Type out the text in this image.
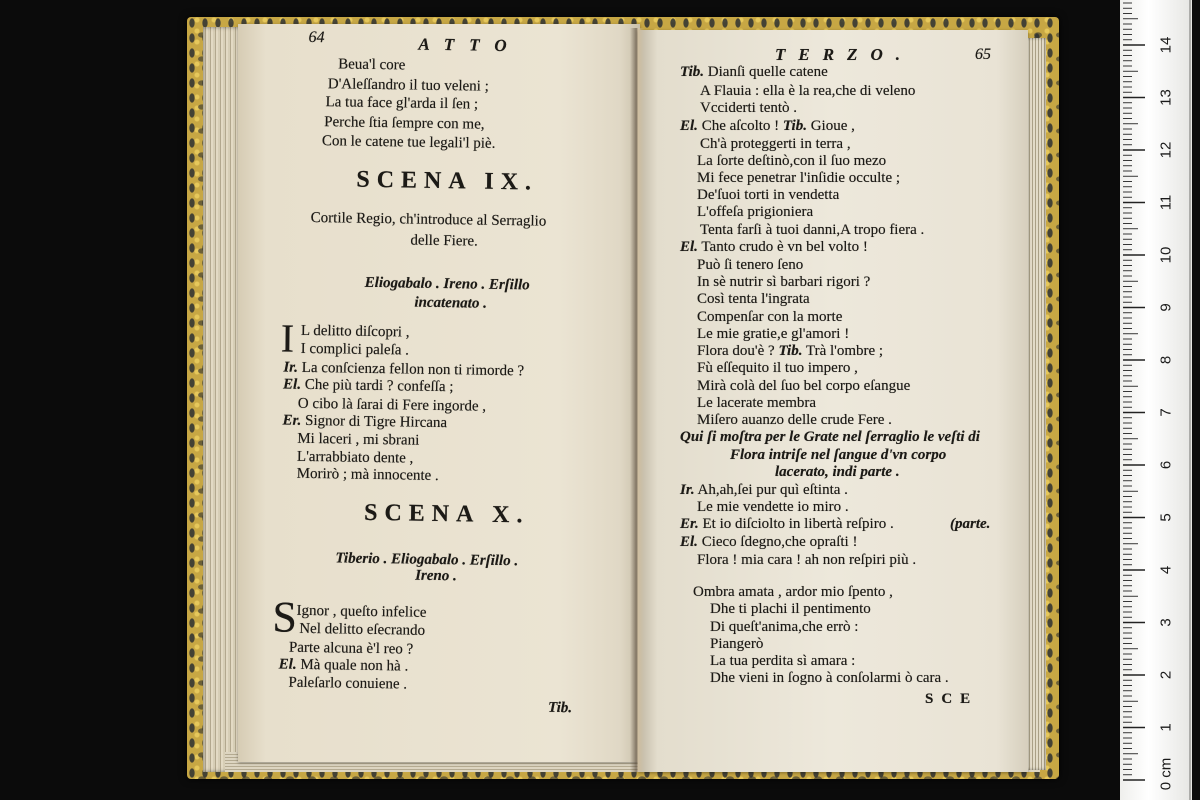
64	ATTO
Beua'l core
D'Aleſſandro il tuo veleni ;
La tua face gl'arda il ſen ;
Perche ſtia ſempre con me,
Con le catene tue legali'l piè.
SCENA IX.
Cortile Regio, ch'introduce al Serraglio
delle Fiere.
Eliogabalo . Ireno . Erſillo
incatenato .
I L delitto diſcopri ,
I complici paleſa .
Ir. La conſcienza fellon non ti rimorde ?
El. Che più tardi ? confeſſa ;
O cibo là ſarai di Fere ingorde ,
Er. Signor di Tigre Hircana
Mi laceri , mi sbrani
L'arrabbiato dente ,
Morirò ; mà innocente .
SCENA X.
Tiberio . Eliogabalo . Erſillo .
Ireno .
S Ignor , queſto infelice
Nel delitto eſecrando
Parte alcuna è'l reo ?
El. Mà quale non hà .
Paleſarlo conuiene .
Tib.
TERZO.	65
Tib. Dianſi quelle catene
A Flauia : ella è la rea,che di veleno
Vcciderti tentò .
El. Che aſcolto ! Tib. Gioue ,
Ch'à proteggerti in terra ,
La ſorte deſtinò,con il ſuo mezo
Mi fece penetrar l'inſidie occulte ;
De'ſuoi torti in vendetta
L'offeſa prigioniera
Tenta farſi à tuoi danni,A tropo fiera .
El. Tanto crudo è vn bel volto !
Può ſi tenero ſeno
In sè nutrir sì barbari rigori ?
Così tenta l'ingrata
Compenſar con la morte
Le mie gratie,e gl'amori !
Flora dou'è ? Tib. Trà l'ombre ;
Fù eſſequito il tuo impero ,
Mirà colà del ſuo bel corpo eſangue
Le lacerate membra
Miſero auanzo delle crude Fere .
Qui ſi moſtra per le Grate nel ſerraglio le veſti di
Flora intriſe nel ſangue d'vn corpo
lacerato, indi parte .
Ir. Ah,ah,ſei pur quì eſtinta .
Le mie vendette io miro .
Er. Et io diſciolto in libertà reſpiro .	(parte.
El. Cieco ſdegno,che opraſti !
Flora ! mia cara ! ah non reſpiri più .
Ombra amata , ardor mio ſpento ,
Dhe ti plachi il pentimento
Di queſt'anima,che errò :
Piangerò
La tua perdita sì amara :
Dhe vieni in ſogno à conſolarmi ò cara .
SCE
0 cm
1
2
3
4
5
6
7
8
9
10
11
12
13
14
